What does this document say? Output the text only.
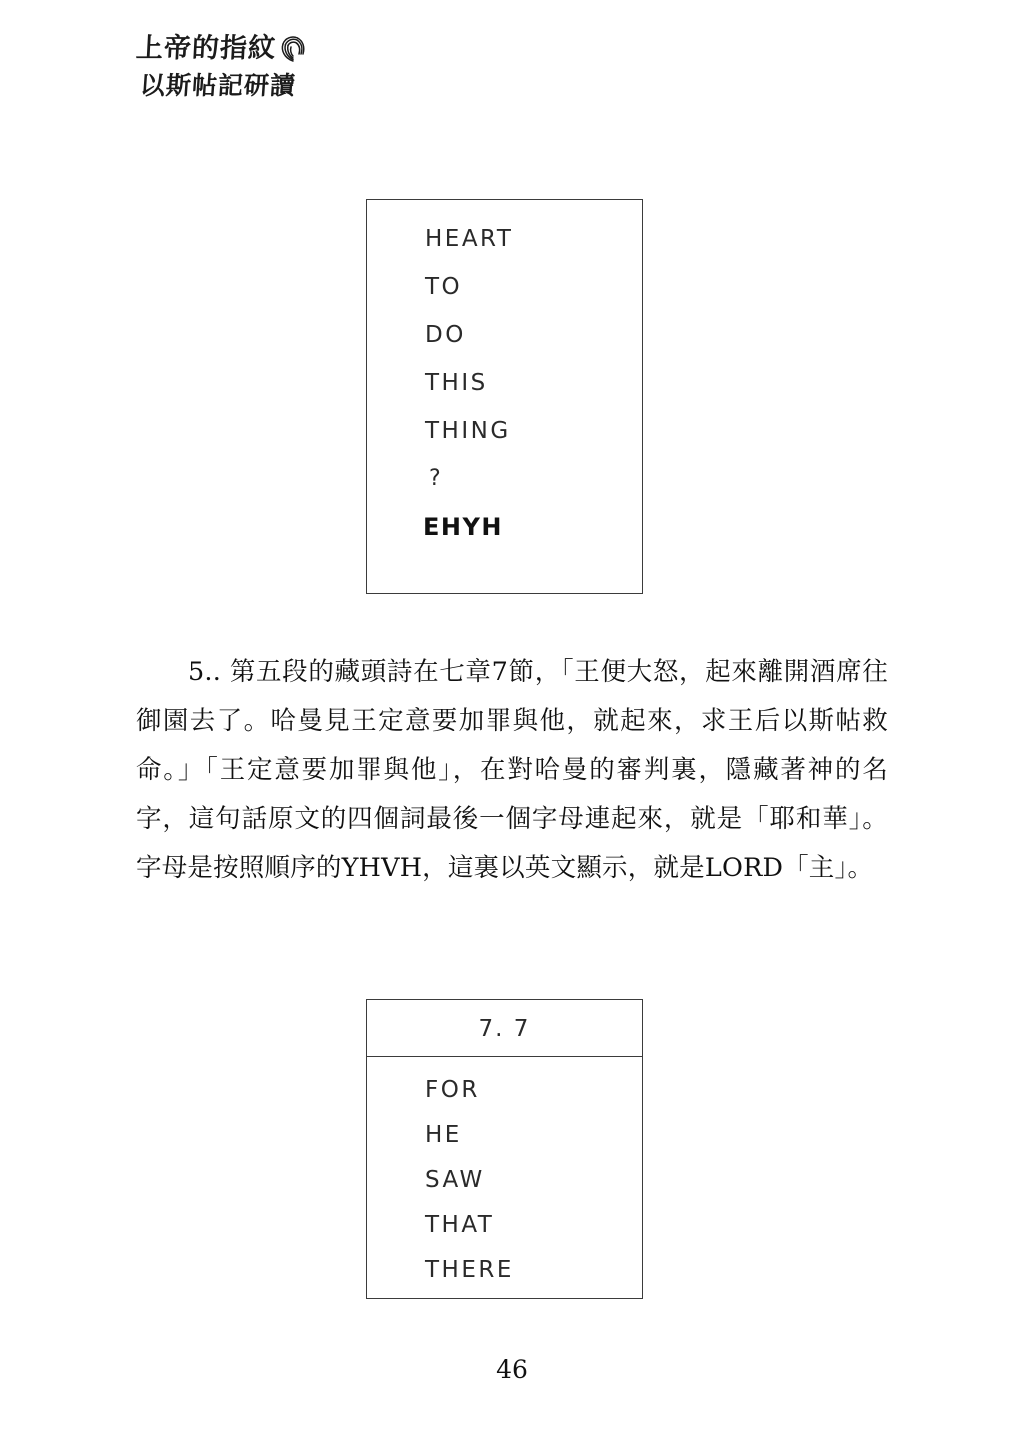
上帝的指紋
以斯帖記研讀
HEART
TO
DO
THIS
THING
?
EHYH
5.. 第五段的藏頭詩在七章7節，「王便大怒，起來離開酒席往御園去了。哈曼見王定意要加罪與他，就起來，求王后以斯帖救命。」「王定意要加罪與他」，在對哈曼的審判裏，隱藏著神的名字，這句話原文的四個詞最後一個字母連起來，就是「耶和華」。字母是按照順序的YHVH，這裏以英文顯示，就是LORD「主」。
7. 7
FOR
HE
SAW
THAT
THERE
46
